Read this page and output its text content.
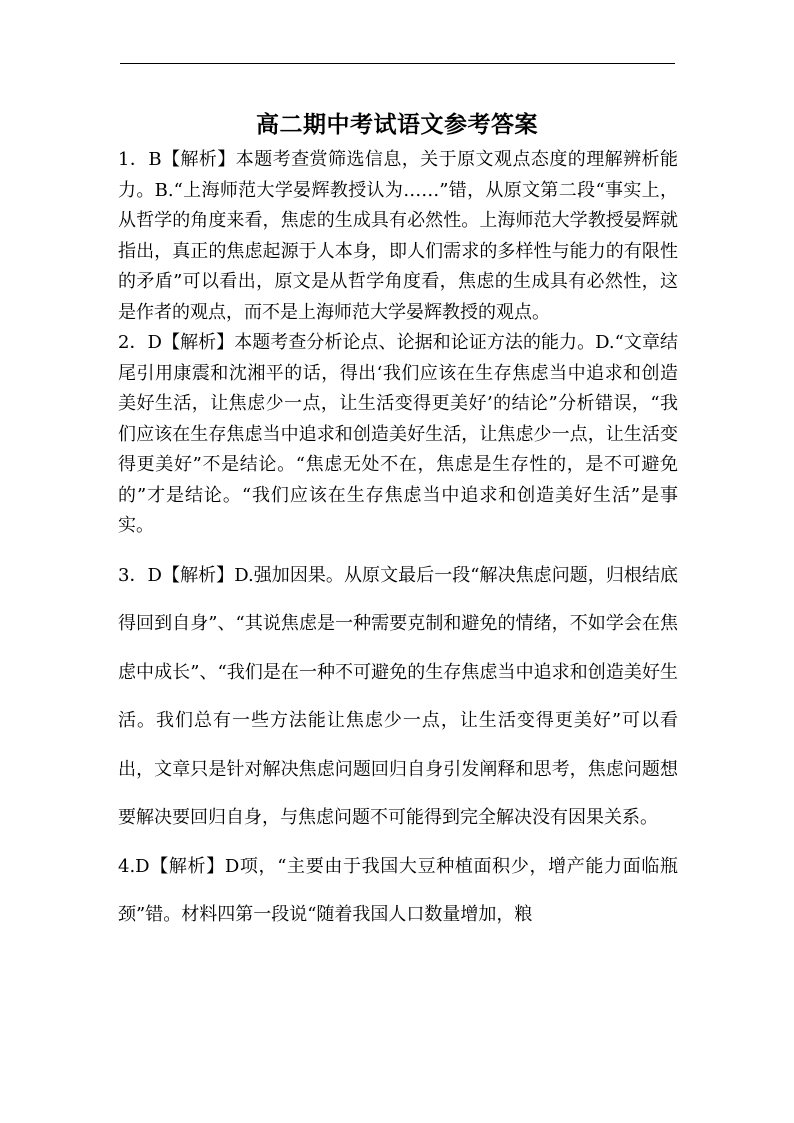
高二期中考试语文参考答案

1．B【解析】本题考查赏筛选信息，关于原文观点态度的理解辨析能力。B.“上海师范大学晏辉教授认为……”错，从原文第二段“事实上，从哲学的角度来看，焦虑的生成具有必然性。上海师范大学教授晏辉就指出，真正的焦虑起源于人本身，即人们需求的多样性与能力的有限性的矛盾”可以看出，原文是从哲学角度看，焦虑的生成具有必然性，这是作者的观点，而不是上海师范大学晏辉教授的观点。

2．D【解析】本题考查分析论点、论据和论证方法的能力。D.“文章结尾引用康震和沈湘平的话，得出‘我们应该在生存焦虑当中追求和创造美好生活，让焦虑少一点，让生活变得更美好’的结论”分析错误，“我们应该在生存焦虑当中追求和创造美好生活，让焦虑少一点，让生活变得更美好”不是结论。“焦虑无处不在，焦虑是生存性的，是不可避免的”才是结论。“我们应该在生存焦虑当中追求和创造美好生活”是事实。

3．D【解析】D.强加因果。从原文最后一段“解决焦虑问题，归根结底得回到自身”、“其说焦虑是一种需要克制和避免的情绪，不如学会在焦虑中成长”、“我们是在一种不可避免的生存焦虑当中追求和创造美好生活。我们总有一些方法能让焦虑少一点，让生活变得更美好”可以看出，文章只是针对解决焦虑问题回归自身引发阐释和思考，焦虑问题想要解决要回归自身，与焦虑问题不可能得到完全解决没有因果关系。

4.D【解析】D项，“主要由于我国大豆种植面积少，增产能力面临瓶颈”错。材料四第一段说“随着我国人口数量增加，粮
